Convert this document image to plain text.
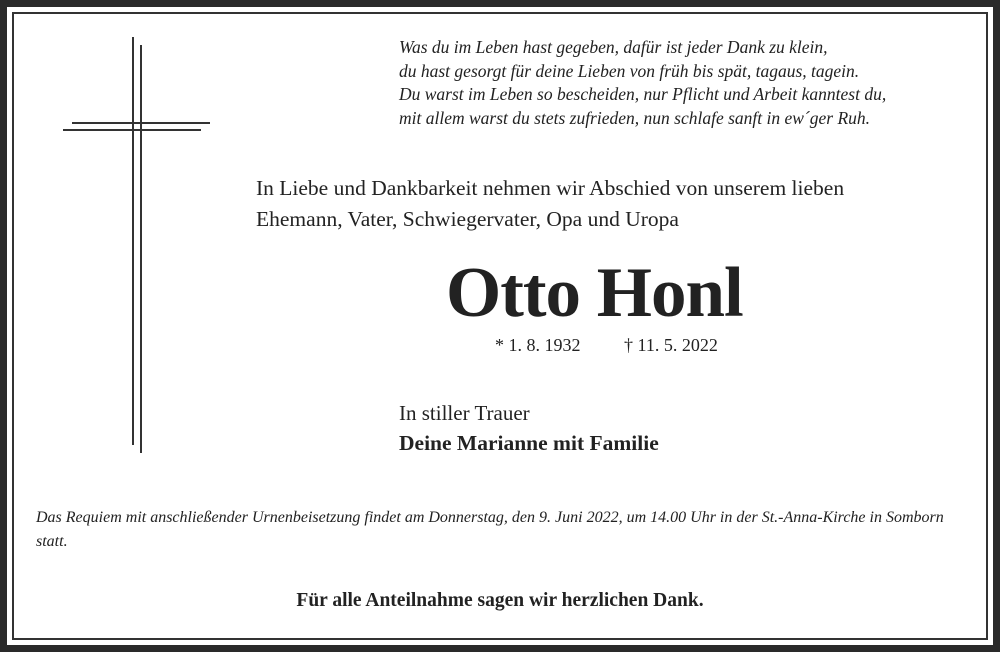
Was du im Leben hast gegeben, dafür ist jeder Dank zu klein,
du hast gesorgt für deine Lieben von früh bis spät, tagaus, tagein.
Du warst im Leben so bescheiden, nur Pflicht und Arbeit kanntest du,
mit allem warst du stets zufrieden, nun schlafe sanft in ew´ger Ruh.
In Liebe und Dankbarkeit nehmen wir Abschied von unserem lieben
Ehemann, Vater, Schwiegervater, Opa und Uropa
Otto Honl
* 1. 8. 1932 † 11. 5. 2022
In stiller Trauer
Deine Marianne mit Familie
Das Requiem mit anschließender Urnenbeisetzung findet am Donnerstag, den 9. Juni 2022, um 14.00 Uhr in der St.-Anna-Kirche in Somborn statt.
Für alle Anteilnahme sagen wir herzlichen Dank.
